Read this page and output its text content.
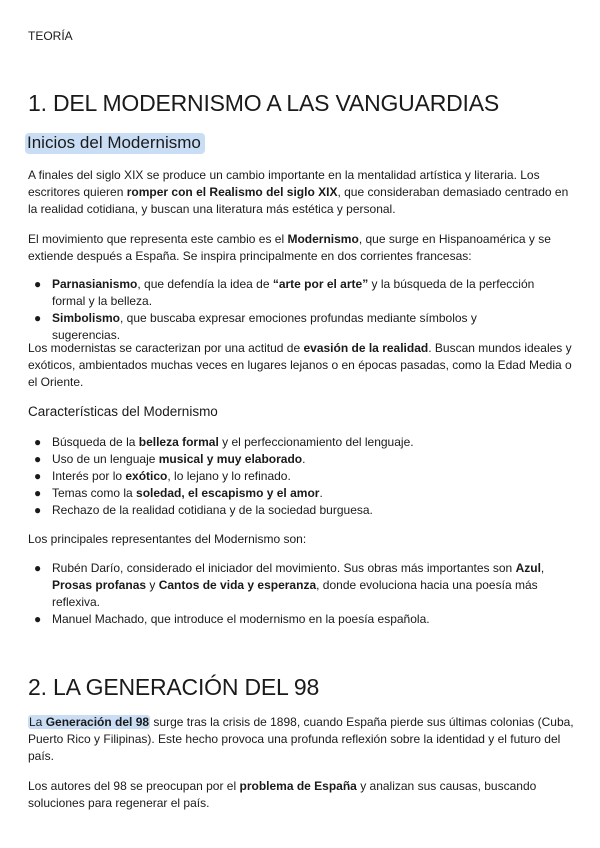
TEORÍA
1. DEL MODERNISMO A LAS VANGUARDIAS
Inicios del Modernismo

A finales del siglo XIX se produce un cambio importante en la mentalidad artística y literaria. Los escritores quieren romper con el Realismo del siglo XIX, que consideraban demasiado centrado en la realidad cotidiana, y buscan una literatura más estética y personal.

El movimiento que representa este cambio es el Modernismo, que surge en Hispanoamérica y se extiende después a España. Se inspira principalmente en dos corrientes francesas:

● Parnasianismo, que defendía la idea de “arte por el arte” y la búsqueda de la perfección formal y la belleza.
● Simbolismo, que buscaba expresar emociones profundas mediante símbolos y sugerencias.

Los modernistas se caracterizan por una actitud de evasión de la realidad. Buscan mundos ideales y exóticos, ambientados muchas veces en lugares lejanos o en épocas pasadas, como la Edad Media o el Oriente.

Características del Modernismo
● Búsqueda de la belleza formal y el perfeccionamiento del lenguaje.
● Uso de un lenguaje musical y muy elaborado.
● Interés por lo exótico, lo lejano y lo refinado.
● Temas como la soledad, el escapismo y el amor.
● Rechazo de la realidad cotidiana y de la sociedad burguesa.

Los principales representantes del Modernismo son:

● Rubén Darío, considerado el iniciador del movimiento. Sus obras más importantes son Azul, Prosas profanas y Cantos de vida y esperanza, donde evoluciona hacia una poesía más reflexiva.
● Manuel Machado, que introduce el modernismo en la poesía española.
2. LA GENERACIÓN DEL 98

La Generación del 98 surge tras la crisis de 1898, cuando España pierde sus últimas colonias (Cuba, Puerto Rico y Filipinas). Este hecho provoca una profunda reflexión sobre la identidad y el futuro del país.

Los autores del 98 se preocupan por el problema de España y analizan sus causas, buscando soluciones para regenerar el país.
